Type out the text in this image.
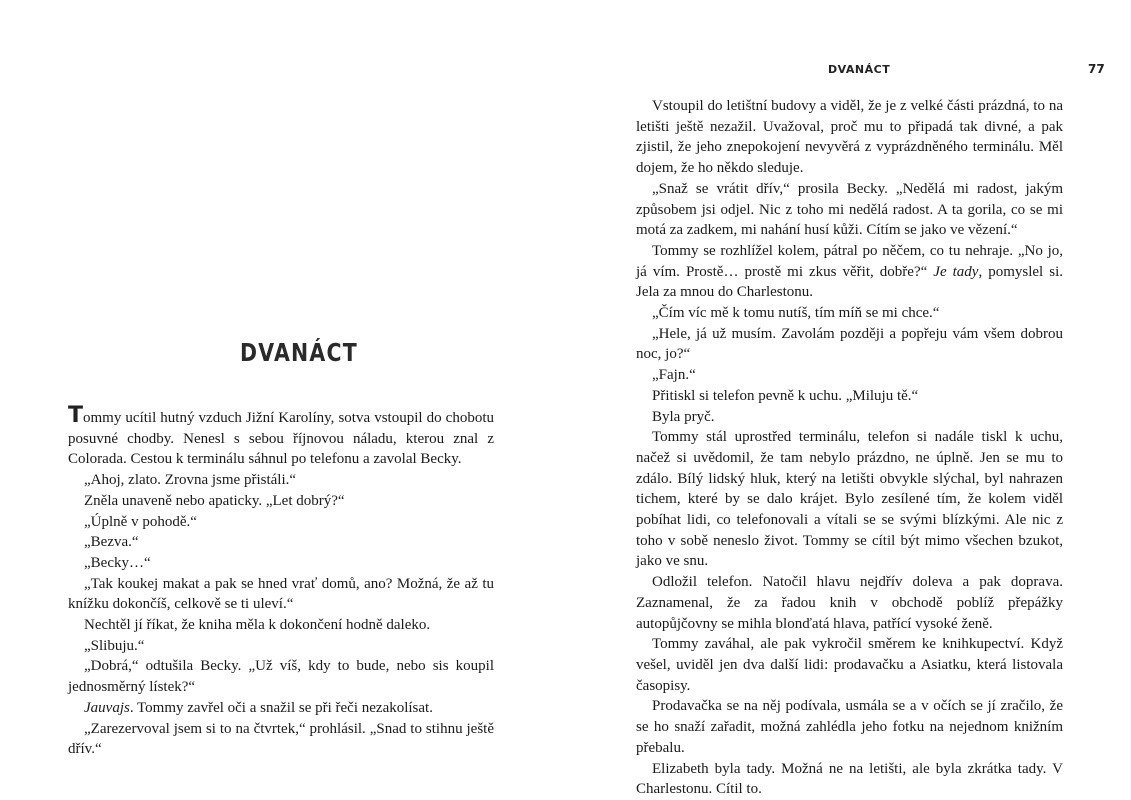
DVANÁCT

Tommy ucítil hutný vzduch Jižní Karolíny, sotva vstoupil do chobotu posuvné chodby. Nenesl s sebou říjnovou náladu, kterou znal z Colorada. Cestou k terminálu sáhnul po telefonu a zavolal Becky.

„Ahoj, zlato. Zrovna jsme přistáli.“

Zněla unaveně nebo apaticky. „Let dobrý?“

„Úplně v pohodě.“

„Bezva.“

„Becky…“

„Tak koukej makat a pak se hned vrať domů, ano? Možná, že až tu knížku dokončíš, celkově se ti uleví.“

Nechtěl jí říkat, že kniha měla k dokončení hodně daleko.

„Slibuju.“

„Dobrá,“ odtušila Becky. „Už víš, kdy to bude, nebo sis koupil jednosměrný lístek?“

Jauvajs. Tommy zavřel oči a snažil se při řeči nezakolísat.

„Zarezervoval jsem si to na čtvrtek,“ prohlásil. „Snad to stihnu ještě dřív.“

DVANÁCT	77

Vstoupil do letištní budovy a viděl, že je z velké části prázdná, to na letišti ještě nezažil. Uvažoval, proč mu to připadá tak divné, a pak zjistil, že jeho znepokojení nevyvěrá z vyprázdněného terminálu. Měl dojem, že ho někdo sleduje.

„Snaž se vrátit dřív,“ prosila Becky. „Nedělá mi radost, jakým způsobem jsi odjel. Nic z toho mi nedělá radost. A ta gorila, co se mi motá za zadkem, mi nahání husí kůži. Cítím se jako ve vězení.“

Tommy se rozhlížel kolem, pátral po něčem, co tu nehraje. „No jo, já vím. Prostě… prostě mi zkus věřit, dobře?“ Je tady, pomyslel si. Jela za mnou do Charlestonu.

„Čím víc mě k tomu nutíš, tím míň se mi chce.“

„Hele, já už musím. Zavolám později a popřeju vám všem dobrou noc, jo?“

„Fajn.“

Přitiskl si telefon pevně k uchu. „Miluju tě.“

Byla pryč.

Tommy stál uprostřed terminálu, telefon si nadále tiskl k uchu, načež si uvědomil, že tam nebylo prázdno, ne úplně. Jen se mu to zdálo. Bílý lidský hluk, který na letišti obvykle slýchal, byl nahrazen tichem, které by se dalo krájet. Bylo zesílené tím, že kolem viděl pobíhat lidi, co telefonovali a vítali se se svými blízkými. Ale nic z toho v sobě neneslo život. Tommy se cítil být mimo všechen bzukot, jako ve snu.

Odložil telefon. Natočil hlavu nejdřív doleva a pak doprava. Zaznamenal, že za řadou knih v obchodě poblíž přepážky autopůjčovny se mihla blonďatá hlava, patřící vysoké ženě.

Tommy zaváhal, ale pak vykročil směrem ke knihkupectví. Když vešel, uviděl jen dva další lidi: prodavačku a Asiatku, která listovala časopisy.

Prodavačka se na něj podívala, usmála se a v očích se jí zračilo, že se ho snaží zařadit, možná zahlédla jeho fotku na nejednom knižním přebalu.

Elizabeth byla tady. Možná ne na letišti, ale byla zkrátka tady. V Charlestonu. Cítil to.
